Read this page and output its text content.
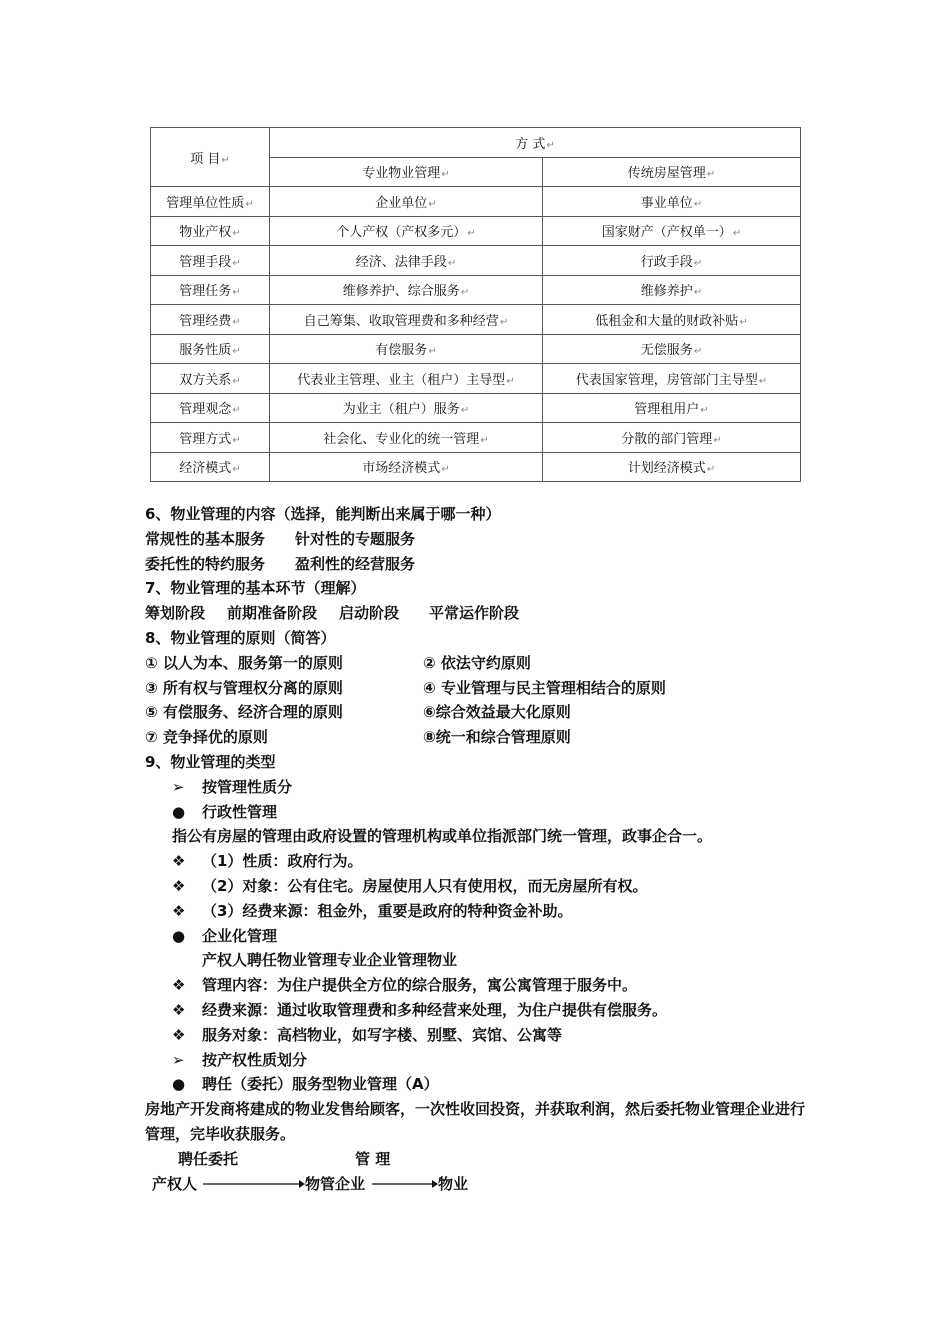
项 目↵	方 式↵	
	专业物业管理↵	传统房屋管理↵
管理单位性质↵	企业单位↵	事业单位↵
物业产权↵	个人产权（产权多元）↵	国家财产（产权单一）↵
管理手段↵	经济、法律手段↵	行政手段↵
管理任务↵	维修养护、综合服务↵	维修养护↵
管理经费↵	自己筹集、收取管理费和多种经营↵	低租金和大量的财政补贴↵
服务性质↵	有偿服务↵	无偿服务↵
双方关系↵	代表业主管理、业主（租户）主导型↵	代表国家管理，房管部门主导型↵
管理观念↵	为业主（租户）服务↵	管理租用户↵
管理方式↵	社会化、专业化的统一管理↵	分散的部门管理↵
经济模式↵	市场经济模式↵	计划经济模式↵
6、物业管理的内容（选择，能判断出来属于哪一种）
常规性的基本服务 针对性的专题服务
委托性的特约服务 盈利性的经营服务
7、物业管理的基本环节（理解）
筹划阶段 前期准备阶段 启动阶段 平常运作阶段
8、物业管理的原则（简答）
① 以人为本、服务第一的原则	② 依法守约原则
③ 所有权与管理权分离的原则	④ 专业管理与民主管理相结合的原则
⑤ 有偿服务、经济合理的原则	⑥综合效益最大化原则
⑦ 竞争择优的原则	⑧统一和综合管理原则
9、物业管理的类型
➢ 按管理性质分
● 行政性管理
指公有房屋的管理由政府设置的管理机构或单位指派部门统一管理，政事企合一。
❖ （1）性质：政府行为。
❖ （2）对象：公有住宅。房屋使用人只有使用权，而无房屋所有权。
❖ （3）经费来源：租金外，重要是政府的特种资金补助。
● 企业化管理
产权人聘任物业管理专业企业管理物业
❖ 管理内容：为住户提供全方位的综合服务，寓公寓管理于服务中。
❖ 经费来源：通过收取管理费和多种经营来处理，为住户提供有偿服务。
❖ 服务对象：高档物业，如写字楼、别墅、宾馆、公寓等
➢ 按产权性质划分
● 聘任（委托）服务型物业管理（A）
房地产开发商将建成的物业发售给顾客，一次性收回投资，并获取利润，然后委托物业管理企业进行管理，完毕收获服务。
聘任委托	管 理
产权人	物管企业	物业
